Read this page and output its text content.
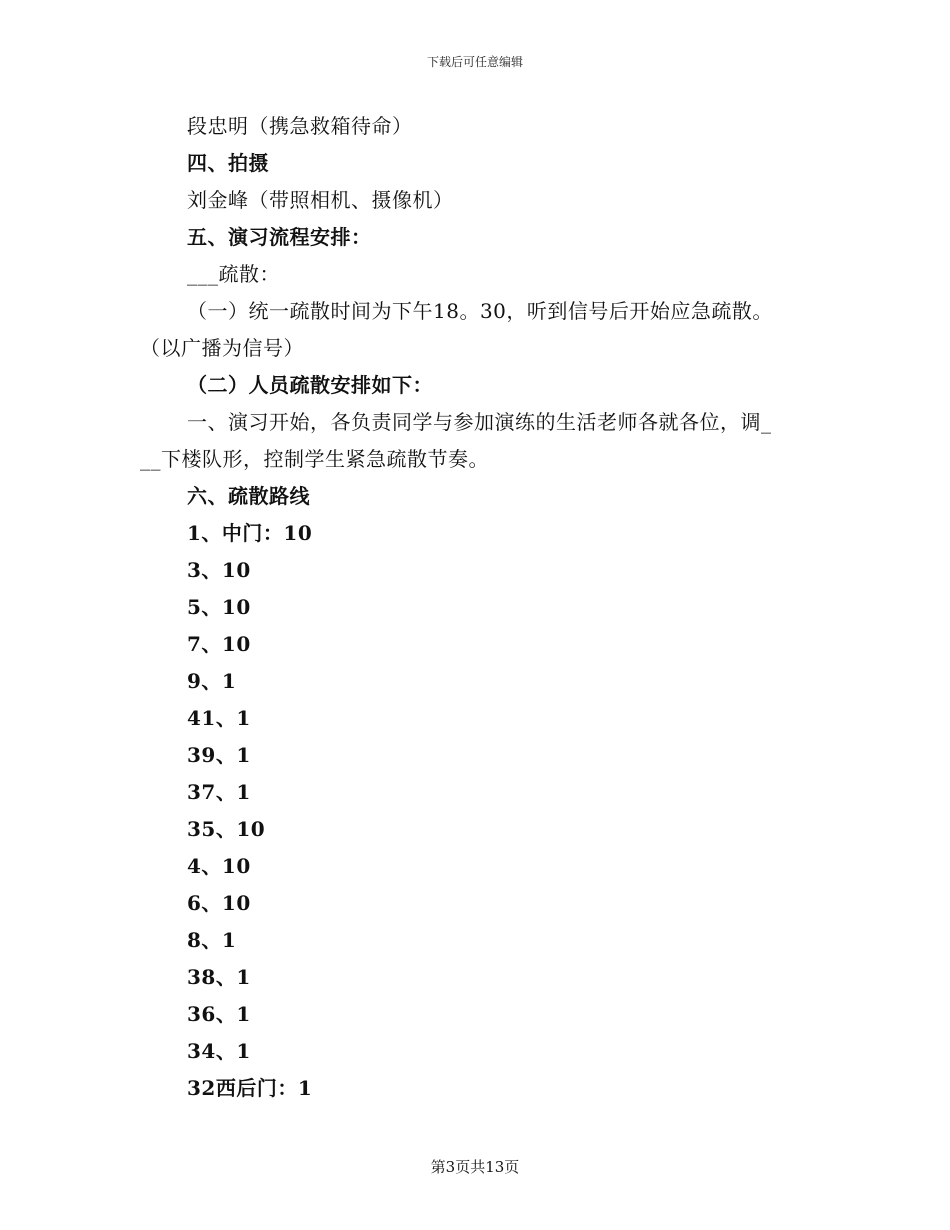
下载后可任意编辑
段忠明（携急救箱待命）
四、拍摄
刘金峰（带照相机、摄像机）
五、演习流程安排：
___疏散：
（一）统一疏散时间为下午18。30，听到信号后开始应急疏散。
（以广播为信号）
（二）人员疏散安排如下：
一、演习开始，各负责同学与参加演练的生活老师各就各位，调_
__下楼队形，控制学生紧急疏散节奏。
六、疏散路线
1、中门：10
3、10
5、10
7、10
9、1
41、1
39、1
37、1
35、10
4、10
6、10
8、1
38、1
36、1
34、1
32西后门：1
第3页共13页
